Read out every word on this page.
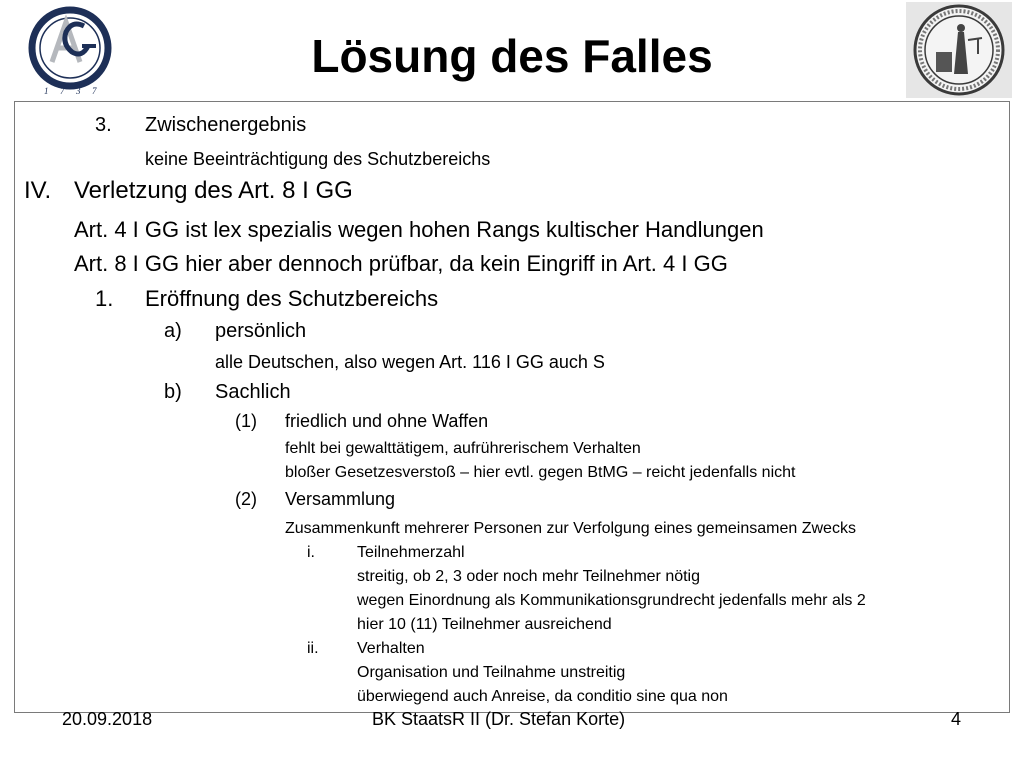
1 7 3 7
Lösung des Falles
3. Zwischenergebnis
keine Beeinträchtigung des Schutzbereichs
IV. Verletzung des Art. 8 I GG
Art. 4 I GG ist lex spezialis wegen hohen Rangs kultischer Handlungen
Art. 8 I GG hier aber dennoch prüfbar, da kein Eingriff in Art. 4 I GG
1. Eröffnung des Schutzbereichs
a) persönlich
alle Deutschen, also wegen Art. 116 I GG auch S
b) Sachlich
(1) friedlich und ohne Waffen
fehlt bei gewalttätigem, aufrührerischem Verhalten
bloßer Gesetzesverstoß – hier evtl. gegen BtMG – reicht jedenfalls nicht
(2) Versammlung
Zusammenkunft mehrerer Personen zur Verfolgung eines gemeinsamen Zwecks
i.	Teilnehmerzahl
streitig, ob 2, 3 oder noch mehr Teilnehmer nötig
wegen Einordnung als Kommunikationsgrundrecht jedenfalls mehr als 2
hier 10 (11) Teilnehmer ausreichend
ii. Verhalten
Organisation und Teilnahme unstreitig
überwiegend auch Anreise, da conditio sine qua non
20.09.2018	BK StaatsR II (Dr. Stefan Korte)	4
